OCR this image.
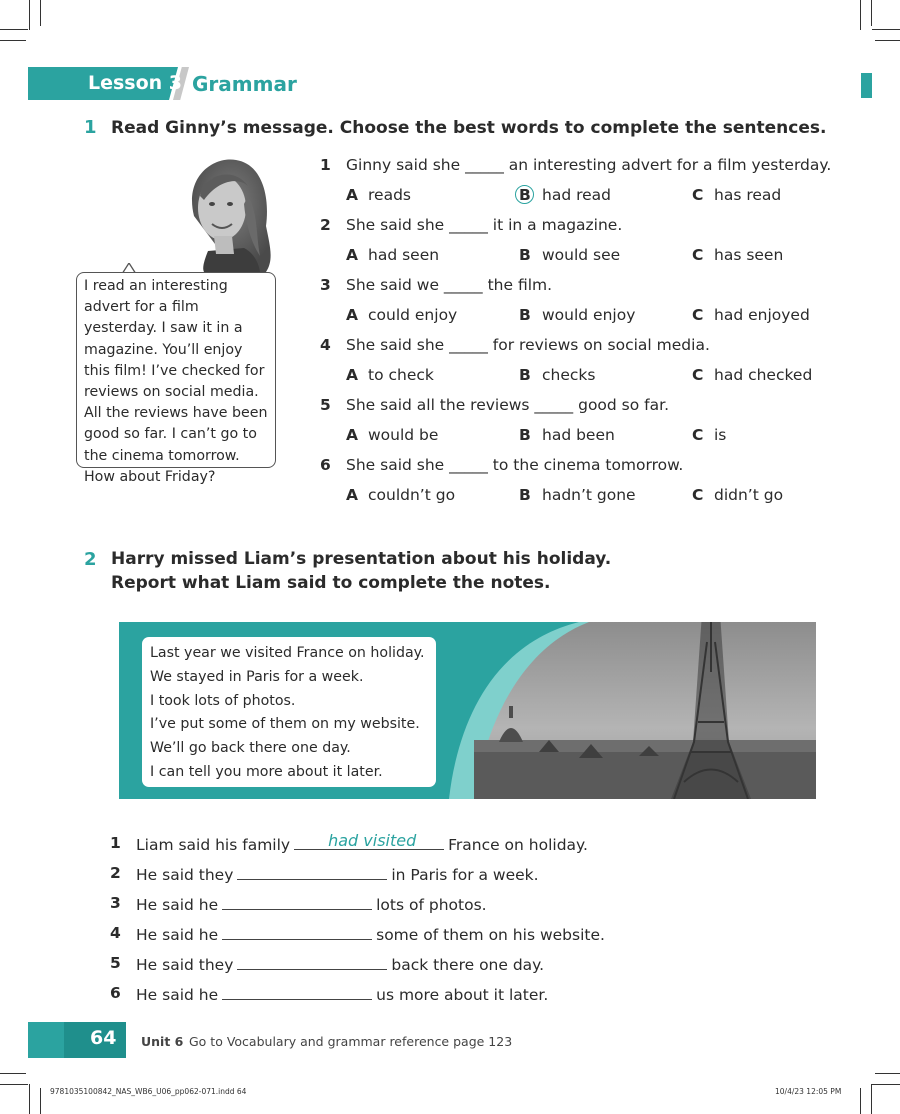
Lesson 3 Grammar
1 Read Ginny’s message. Choose the best words to complete the sentences.
I read an interesting advert for a film yesterday. I saw it in a magazine. You’ll enjoy this film! I’ve checked for reviews on social media. All the reviews have been good so far. I can’t go to the cinema tomorrow. How about Friday?
1 Ginny said she _____ an interesting advert for a film yesterday.
A reads	B had read	C has read
2 She said she _____ it in a magazine.
A had seen	B would see	C has seen
3 She said we _____ the film.
A could enjoy	B would enjoy	C had enjoyed
4 She said she _____ for reviews on social media.
A to check	B checks	C had checked
5 She said all the reviews _____ good so far.
A would be	B had been	C is
6 She said she _____ to the cinema tomorrow.
A couldn’t go	B hadn’t gone	C didn’t go
2 Harry missed Liam’s presentation about his holiday.
Report what Liam said to complete the notes.
Last year we visited France on holiday.
We stayed in Paris for a week.
I took lots of photos.
I’ve put some of them on my website.
We’ll go back there one day.
I can tell you more about it later.
1 Liam said his family had visited France on holiday.
2 He said they	in Paris for a week.
3 He said he	lots of photos.
4 He said he	some of them on his website.
5 He said they	back there one day.
6 He said he	us more about it later.
64 Unit 6 Go to Vocabulary and grammar reference page 123
9781035100842_NAS_WB6_U06_pp062-071.indd 64	10/4/23 12:05 PM
